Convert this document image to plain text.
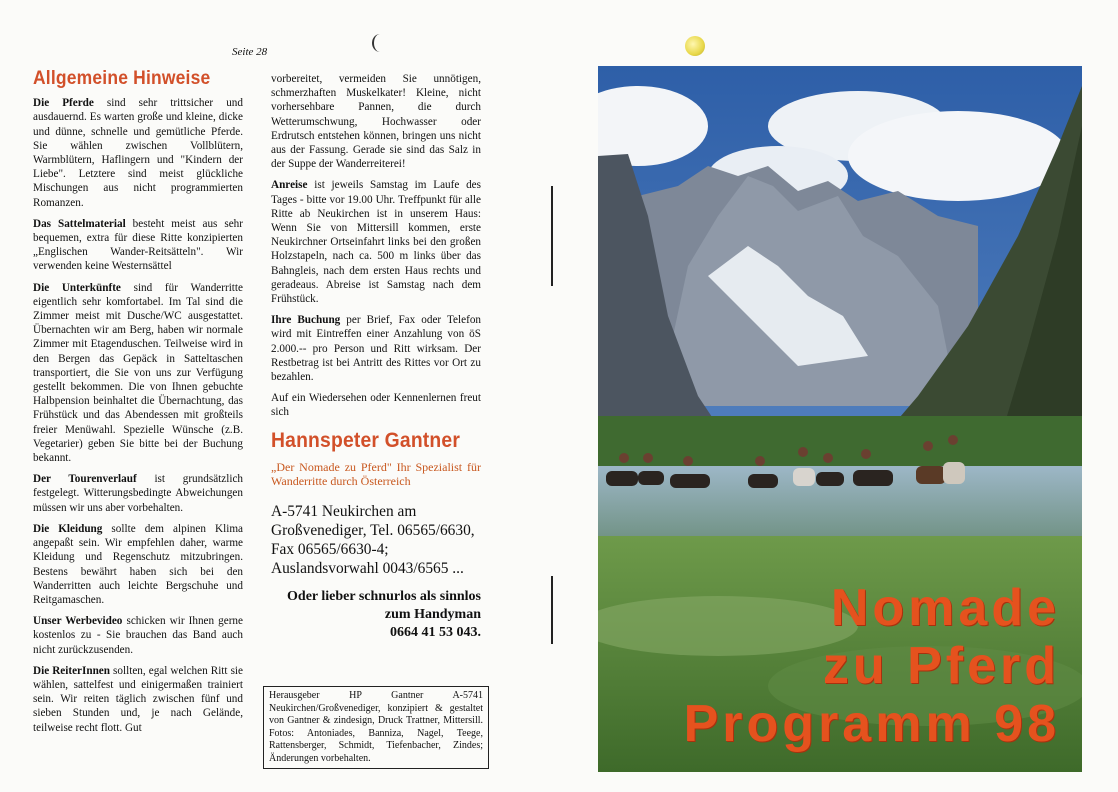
Seite 28
Allgemeine Hinweise

Die Pferde sind sehr trittsicher und ausdauernd. Es warten große und kleine, dicke und dünne, schnelle und gemütliche Pferde. Sie wählen zwischen Vollblütern, Warmblütern, Haflingern und "Kindern der Liebe". Letztere sind meist glückliche Mischungen aus nicht programmierten Romanzen.

Das Sattelmaterial besteht meist aus sehr bequemen, extra für diese Ritte konzipierten „Englischen Wander-Reitsätteln". Wir verwenden keine Westernsättel

Die Unterkünfte sind für Wanderritte eigentlich sehr komfortabel. Im Tal sind die Zimmer meist mit Dusche/WC ausgestattet. Übernachten wir am Berg, haben wir normale Zimmer mit Etagenduschen. Teilweise wird in den Bergen das Gepäck in Satteltaschen transportiert, die Sie von uns zur Verfügung gestellt bekommen. Die von Ihnen gebuchte Halbpension beinhaltet die Übernachtung, das Frühstück und das Abendessen mit großteils freier Menüwahl. Spezielle Wünsche (z.B. Vegetarier) geben Sie bitte bei der Buchung bekannt.

Der Tourenverlauf ist grundsätzlich festgelegt. Witterungsbedingte Abweichungen müssen wir uns aber vorbehalten.

Die Kleidung sollte dem alpinen Klima angepaßt sein. Wir empfehlen daher, warme Kleidung und Regenschutz mitzubringen. Bestens bewährt haben sich bei den Wanderritten auch leichte Bergschuhe und Reitgamaschen.

Unser Werbevideo schicken wir Ihnen gerne kostenlos zu - Sie brauchen das Band auch nicht zurückzusenden.

Die ReiterInnen sollten, egal welchen Ritt sie wählen, sattelfest und einigermaßen trainiert sein. Wir reiten täglich zwischen fünf und sieben Stunden und, je nach Gelände, teilweise recht flott. Gut

vorbereitet, vermeiden Sie unnötigen, schmerzhaften Muskelkater! Kleine, nicht vorhersehbare Pannen, die durch Wetterumschwung, Hochwasser oder Erdrutsch entstehen können, bringen uns nicht aus der Fassung. Gerade sie sind das Salz in der Suppe der Wanderreiterei!

Anreise ist jeweils Samstag im Laufe des Tages - bitte vor 19.00 Uhr. Treffpunkt für alle Ritte ab Neukirchen ist in unserem Haus: Wenn Sie von Mittersill kommen, erste Neukirchner Ortseinfahrt links bei den großen Holzstapeln, nach ca. 500 m links über das Bahngleis, nach dem ersten Haus rechts und geradeaus. Abreise ist Samstag nach dem Frühstück.

Ihre Buchung per Brief, Fax oder Telefon wird mit Eintreffen einer Anzahlung von öS 2.000.-- pro Person und Ritt wirksam. Der Restbetrag ist bei Antritt des Rittes vor Ort zu bezahlen.

Auf ein Wiedersehen oder Kennenlernen freut sich

Hannspeter Gantner

„Der Nomade zu Pferd" Ihr Spezialist für Wanderritte durch Österreich

A-5741 Neukirchen am Großvenediger, Tel. 06565/6630, Fax 06565/6630-4; Auslandsvorwahl 0043/6565 ...

Oder lieber schnurlos als sinnlos zum Handyman
0664 41 53 043.

Herausgeber HP Gantner A-5741 Neukirchen/Großvenediger, konzipiert & gestaltet von Gantner & zindesign, Druck Trattner, Mittersill. Fotos: Antoniades, Banniza, Nagel, Teege, Rattensberger, Schmidt, Tiefenbacher, Zindes; Änderungen vorbehalten.
Nomade
zu Pferd
Programm 98
